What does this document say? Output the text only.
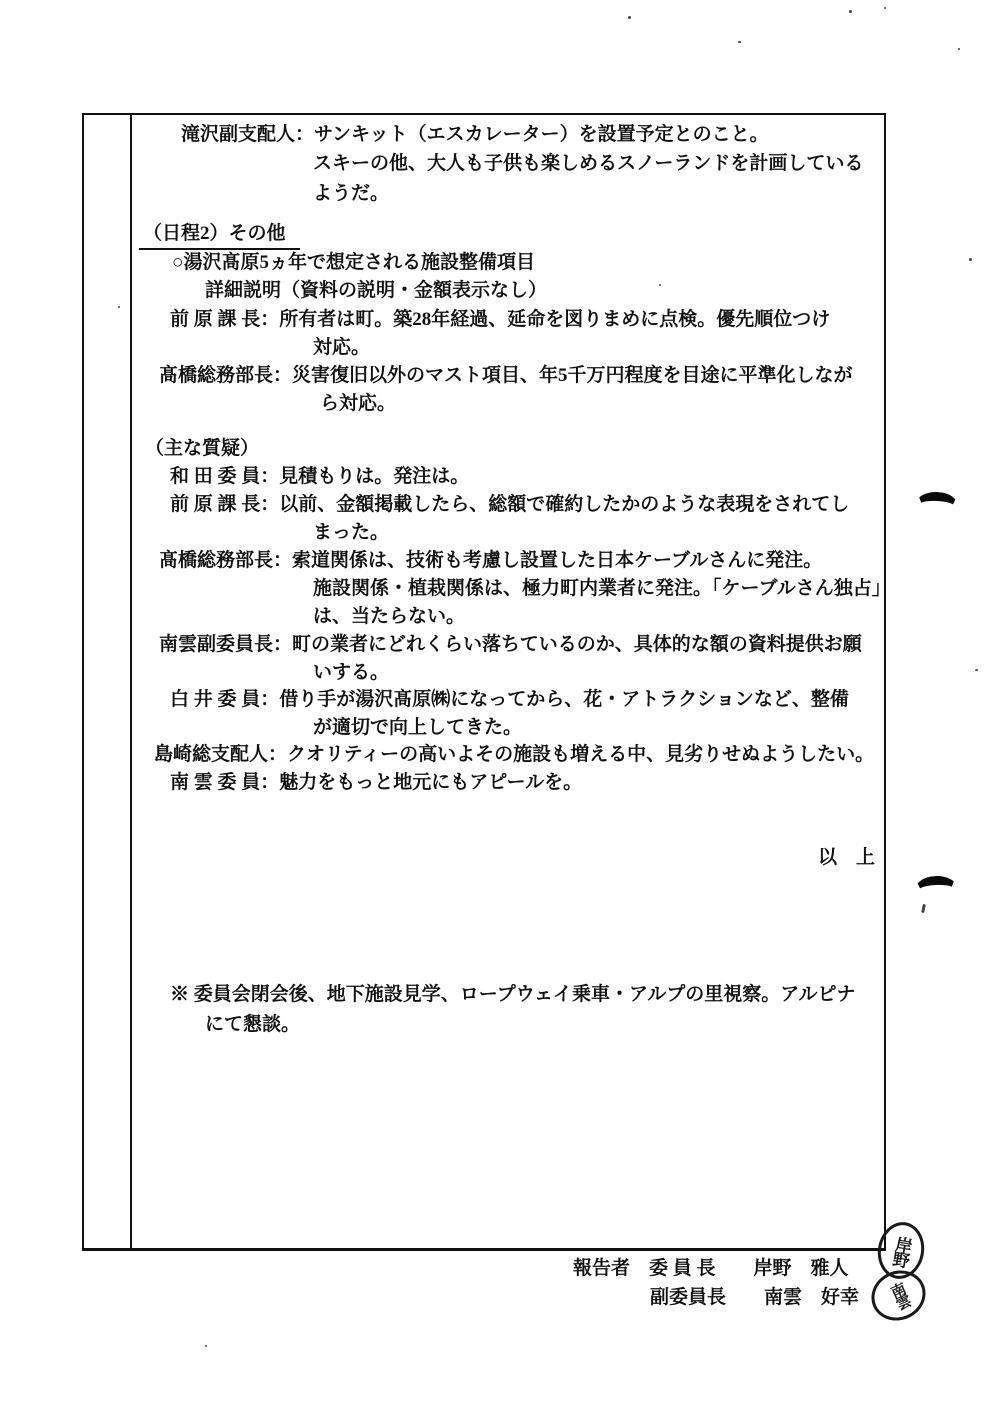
滝沢副支配人：サンキット（エスカレーター）を設置予定とのこと。
スキーの他、大人も子供も楽しめるスノーランドを計画している
ようだ。
（日程2）その他
○湯沢髙原5ヵ年で想定される施設整備項目
詳細説明（資料の説明・金額表示なし）
前 原 課 長：所有者は町。築28年経過、延命を図りまめに点検。優先順位つけ
対応。
髙橋総務部長：災害復旧以外のマスト項目、年5千万円程度を目途に平準化しなが
ら対応。
（主な質疑）
和 田 委 員：見積もりは。発注は。
前 原 課 長：以前、金額掲載したら、総額で確約したかのような表現をされてし
まった。
髙橋総務部長：索道関係は、技術も考慮し設置した日本ケーブルさんに発注。
施設関係・植栽関係は、極力町内業者に発注。「ケーブルさん独占」
は、当たらない。
南雲副委員長：町の業者にどれくらい落ちているのか、具体的な額の資料提供お願
いする。
白 井 委 員：借り手が湯沢髙原㈱になってから、花・アトラクションなど、整備
が適切で向上してきた。
島崎総支配人：クオリティーの高いよその施設も増える中、見劣りせぬようしたい。
南 雲 委 員：魅力をもっと地元にもアピールを。
以　上
※ 委員会閉会後、地下施設見学、ロープウェイ乗車・アルプの里視察。アルピナ
にて懇談。
報告者　委 員 長　　岸野　雅人
副委員長　　南雲　好幸
岸野
南雲
